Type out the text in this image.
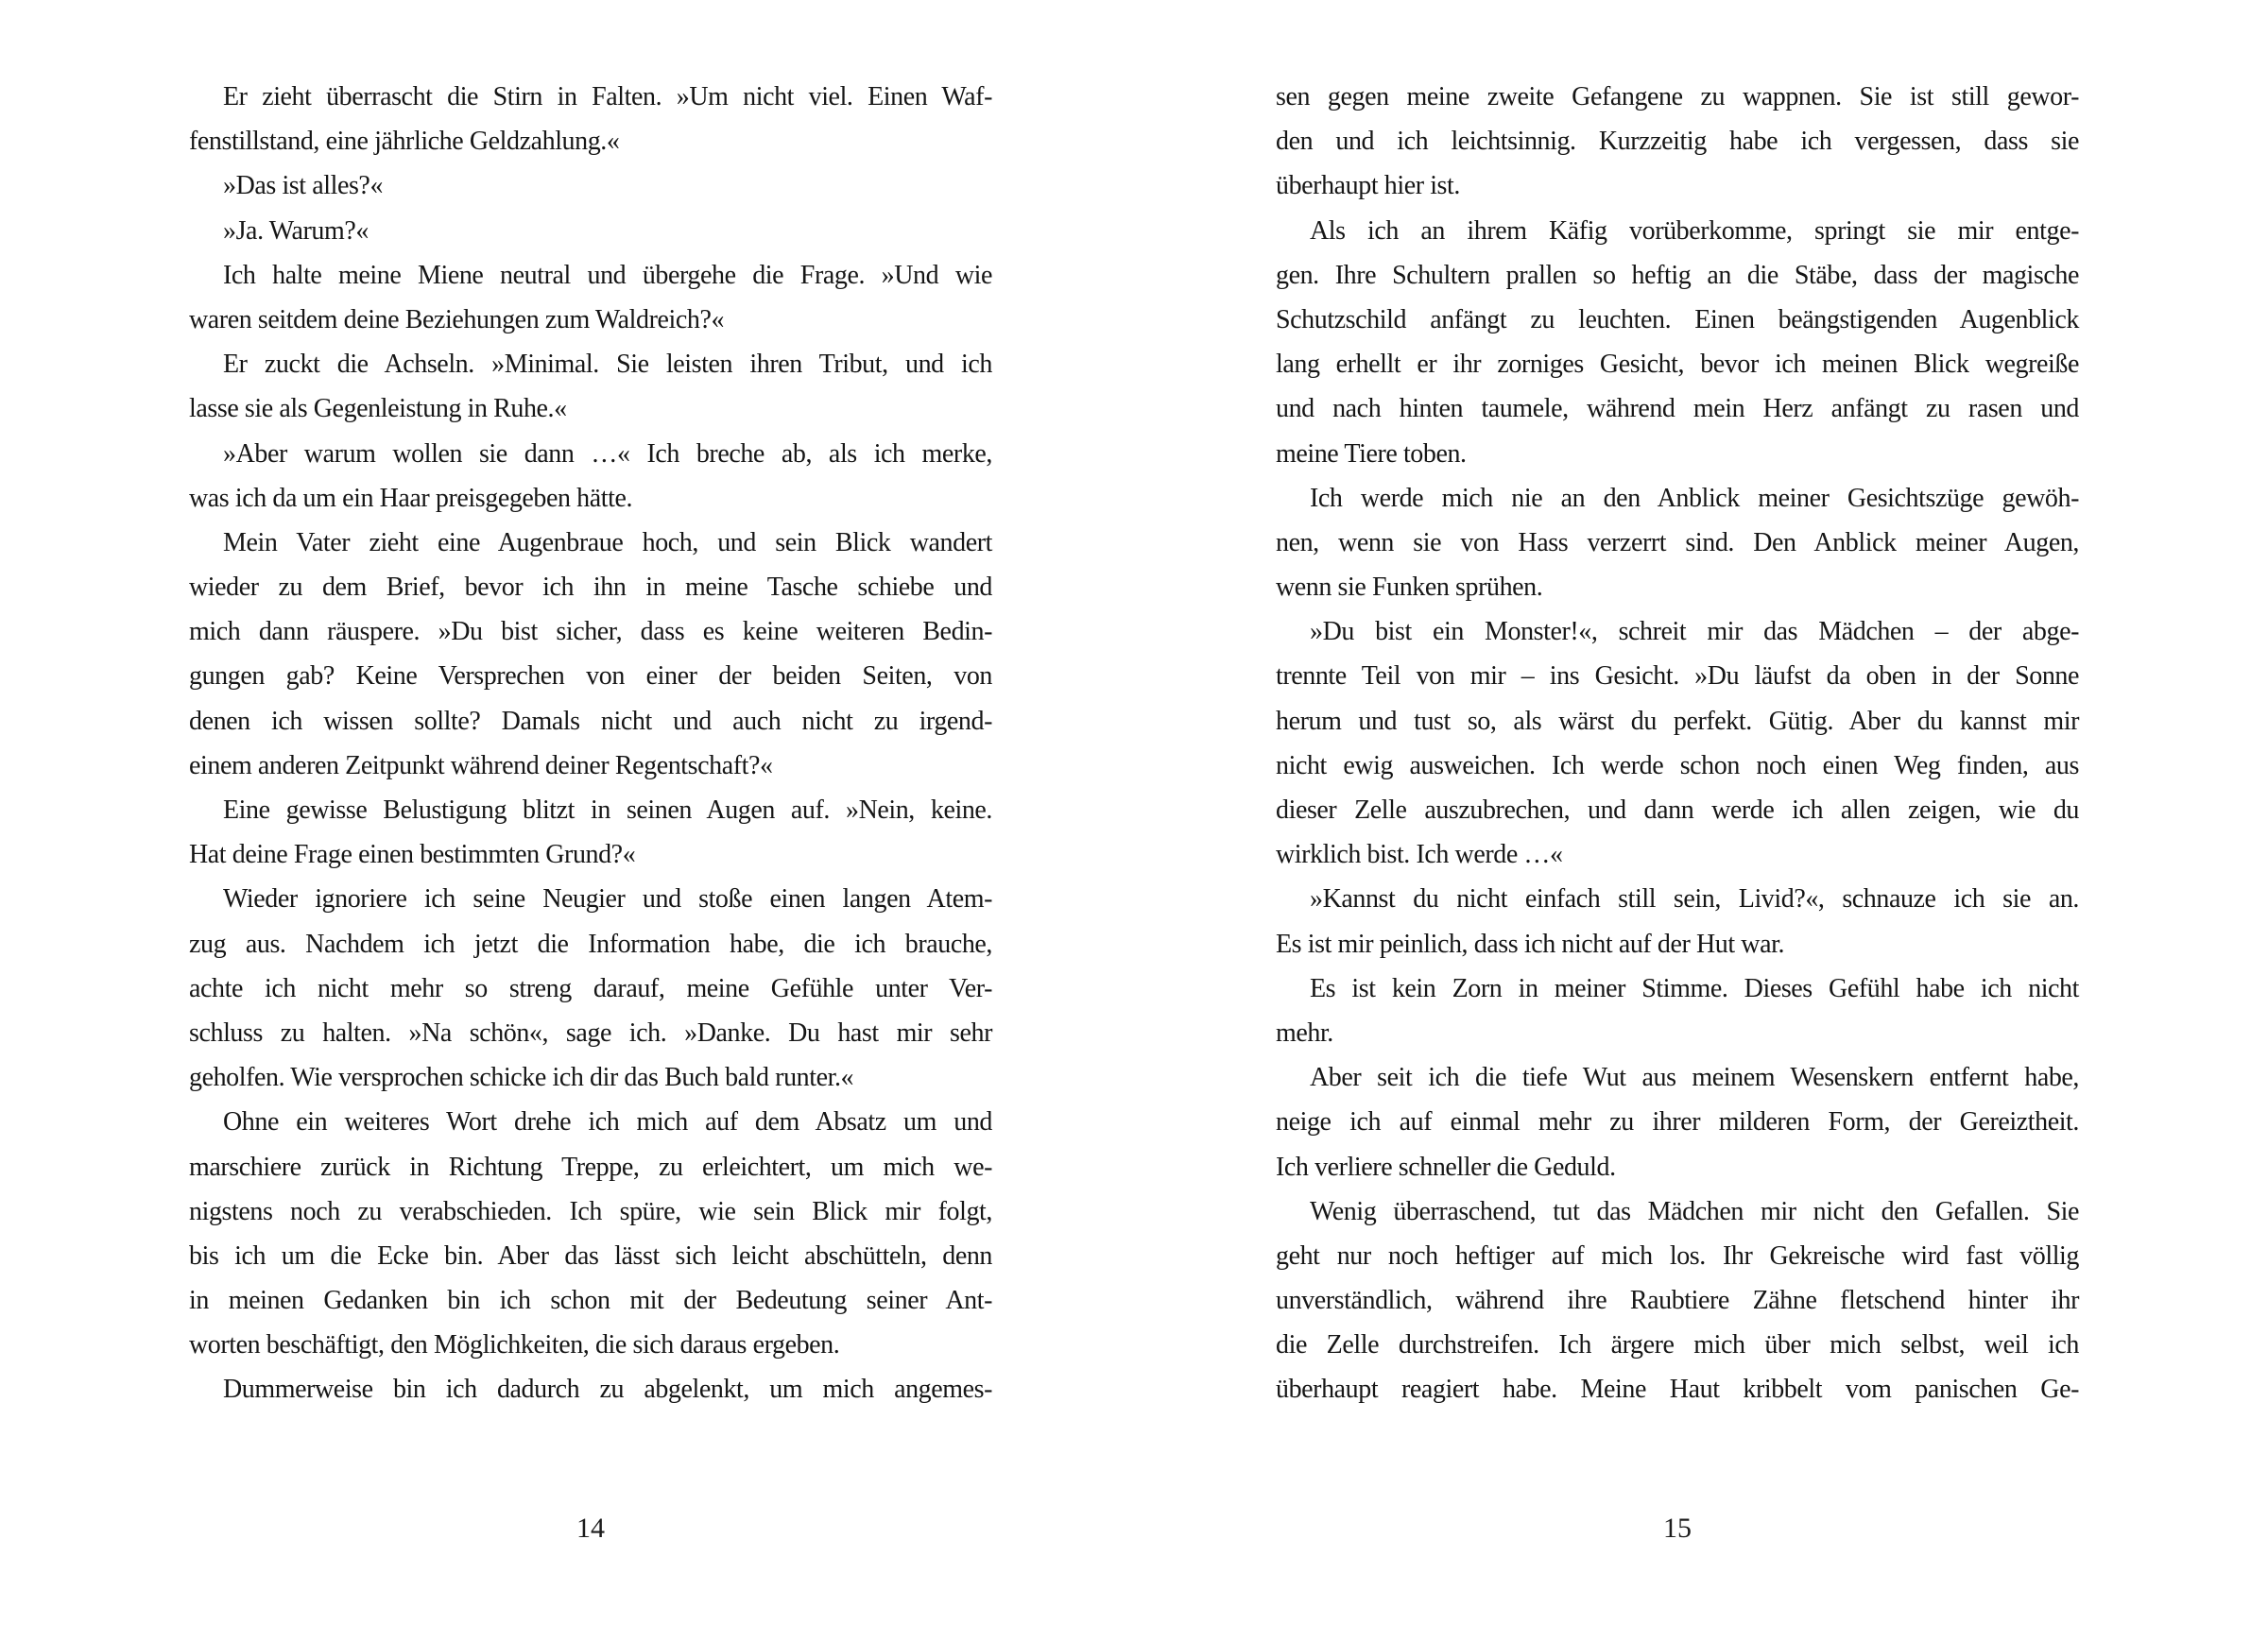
Er zieht überrascht die Stirn in Falten. »Um nicht viel. Einen Waf-
fenstillstand, eine jährliche Geldzahlung.«
»Das ist alles?«
»Ja. Warum?«
Ich halte meine Miene neutral und übergehe die Frage. »Und wie
waren seitdem deine Beziehungen zum Waldreich?«
Er zuckt die Achseln. »Minimal. Sie leisten ihren Tribut, und ich
lasse sie als Gegenleistung in Ruhe.«
»Aber warum wollen sie dann …« Ich breche ab, als ich merke,
was ich da um ein Haar preisgegeben hätte.
Mein Vater zieht eine Augenbraue hoch, und sein Blick wandert
wieder zu dem Brief, bevor ich ihn in meine Tasche schiebe und
mich dann räuspere. »Du bist sicher, dass es keine weiteren Bedin-
gungen gab? Keine Versprechen von einer der beiden Seiten, von
denen ich wissen sollte? Damals nicht und auch nicht zu irgend-
einem anderen Zeitpunkt während deiner Regentschaft?«
Eine gewisse Belustigung blitzt in seinen Augen auf. »Nein, keine.
Hat deine Frage einen bestimmten Grund?«
Wieder ignoriere ich seine Neugier und stoße einen langen Atem-
zug aus. Nachdem ich jetzt die Information habe, die ich brauche,
achte ich nicht mehr so streng darauf, meine Gefühle unter Ver-
schluss zu halten. »Na schön«, sage ich. »Danke. Du hast mir sehr
geholfen. Wie versprochen schicke ich dir das Buch bald runter.«
Ohne ein weiteres Wort drehe ich mich auf dem Absatz um und
marschiere zurück in Richtung Treppe, zu erleichtert, um mich we-
nigstens noch zu verabschieden. Ich spüre, wie sein Blick mir folgt,
bis ich um die Ecke bin. Aber das lässt sich leicht abschütteln, denn
in meinen Gedanken bin ich schon mit der Bedeutung seiner Ant-
worten beschäftigt, den Möglichkeiten, die sich daraus ergeben.
Dummerweise bin ich dadurch zu abgelenkt, um mich angemes-
14
sen gegen meine zweite Gefangene zu wappnen. Sie ist still gewor-
den und ich leichtsinnig. Kurzzeitig habe ich vergessen, dass sie
überhaupt hier ist.
Als ich an ihrem Käfig vorüberkomme, springt sie mir entge-
gen. Ihre Schultern prallen so heftig an die Stäbe, dass der magische
Schutzschild anfängt zu leuchten. Einen beängstigenden Augenblick
lang erhellt er ihr zorniges Gesicht, bevor ich meinen Blick wegreiße
und nach hinten taumele, während mein Herz anfängt zu rasen und
meine Tiere toben.
Ich werde mich nie an den Anblick meiner Gesichtszüge gewöh-
nen, wenn sie von Hass verzerrt sind. Den Anblick meiner Augen,
wenn sie Funken sprühen.
»Du bist ein Monster!«, schreit mir das Mädchen – der abge-
trennte Teil von mir – ins Gesicht. »Du läufst da oben in der Sonne
herum und tust so, als wärst du perfekt. Gütig. Aber du kannst mir
nicht ewig ausweichen. Ich werde schon noch einen Weg finden, aus
dieser Zelle auszubrechen, und dann werde ich allen zeigen, wie du
wirklich bist. Ich werde …«
»Kannst du nicht einfach still sein, Livid?«, schnauze ich sie an.
Es ist mir peinlich, dass ich nicht auf der Hut war.
Es ist kein Zorn in meiner Stimme. Dieses Gefühl habe ich nicht
mehr.
Aber seit ich die tiefe Wut aus meinem Wesenskern entfernt habe,
neige ich auf einmal mehr zu ihrer milderen Form, der Gereiztheit.
Ich verliere schneller die Geduld.
Wenig überraschend, tut das Mädchen mir nicht den Gefallen. Sie
geht nur noch heftiger auf mich los. Ihr Gekreische wird fast völlig
unverständlich, während ihre Raubtiere Zähne fletschend hinter ihr
die Zelle durchstreifen. Ich ärgere mich über mich selbst, weil ich
überhaupt reagiert habe. Meine Haut kribbelt vom panischen Ge-
15
